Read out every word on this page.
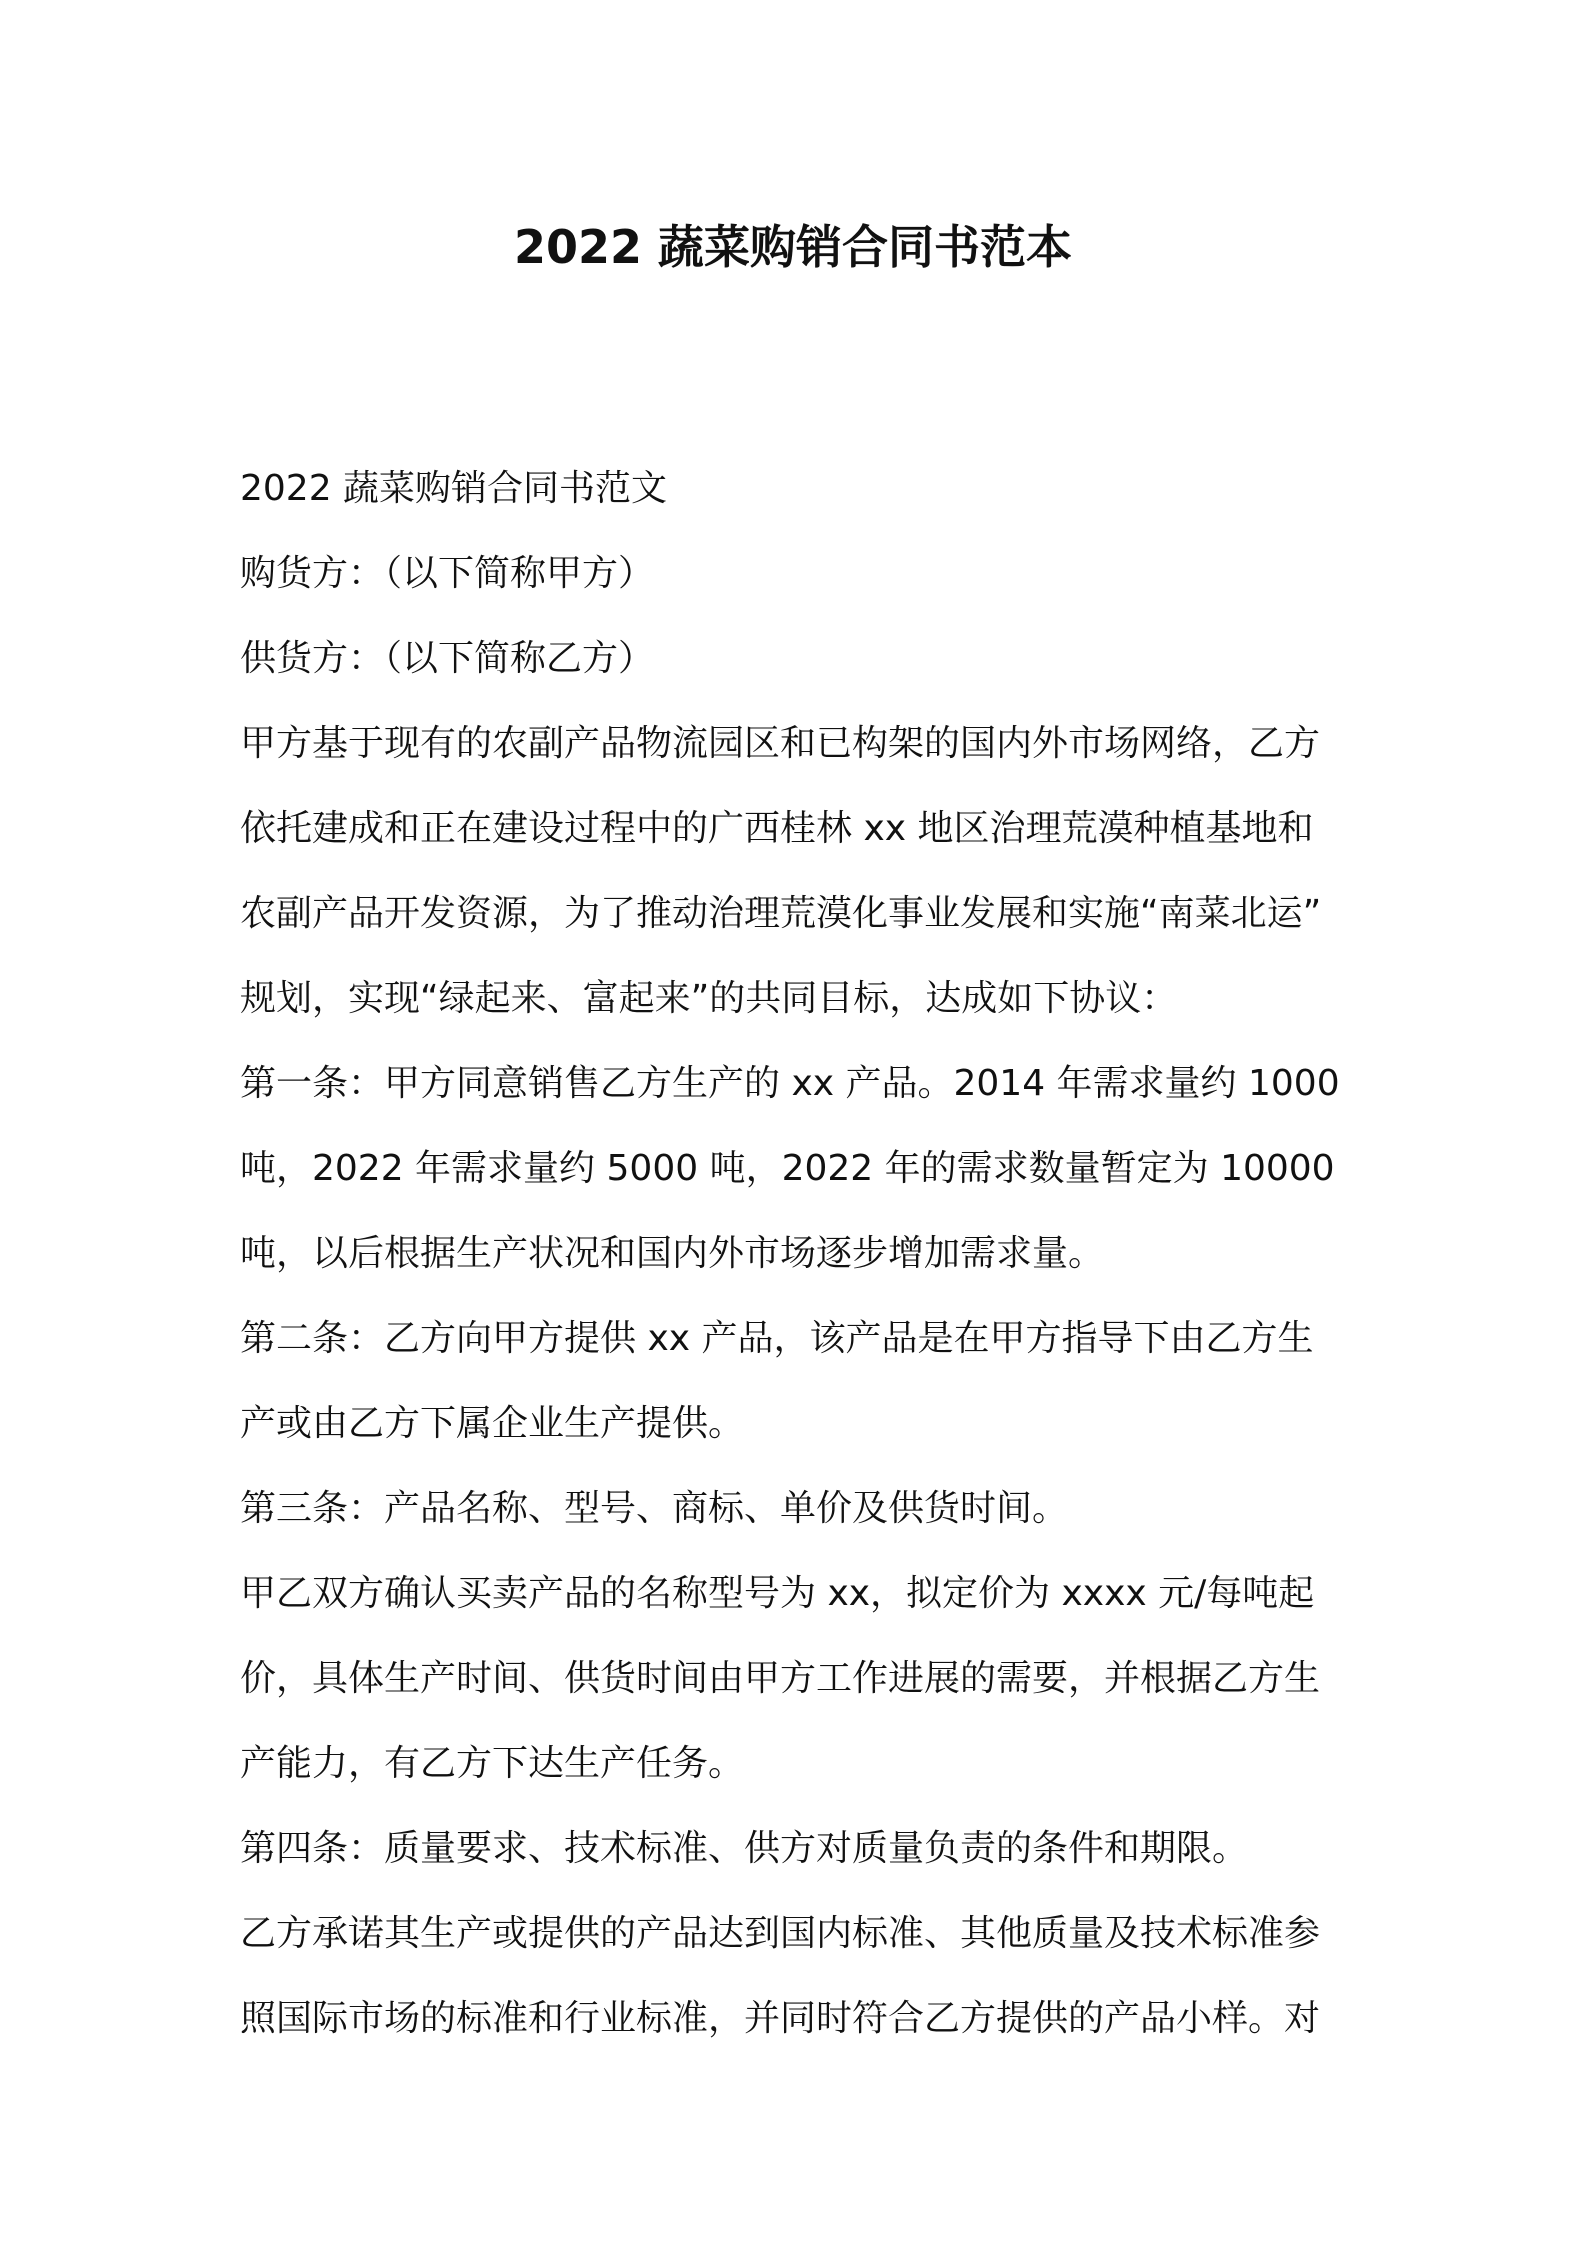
2022 蔬菜购销合同书范本

2022 蔬菜购销合同书范文

购货方：（以下简称甲方）

供货方：（以下简称乙方）

甲方基于现有的农副产品物流园区和已构架的国内外市场网络，乙方

依托建成和正在建设过程中的广西桂林 xx 地区治理荒漠种植基地和

农副产品开发资源，为了推动治理荒漠化事业发展和实施“南菜北运”

规划，实现“绿起来、富起来”的共同目标，达成如下协议：

第一条：甲方同意销售乙方生产的 xx 产品。2014 年需求量约 1000

吨，2022 年需求量约 5000 吨，2022 年的需求数量暂定为 10000

吨，以后根据生产状况和国内外市场逐步增加需求量。

第二条：乙方向甲方提供 xx 产品，该产品是在甲方指导下由乙方生

产或由乙方下属企业生产提供。

第三条：产品名称、型号、商标、单价及供货时间。

甲乙双方确认买卖产品的名称型号为 xx，拟定价为 xxxx 元/每吨起

价，具体生产时间、供货时间由甲方工作进展的需要，并根据乙方生

产能力，有乙方下达生产任务。

第四条：质量要求、技术标准、供方对质量负责的条件和期限。

乙方承诺其生产或提供的产品达到国内标准、其他质量及技术标准参

照国际市场的标准和行业标准，并同时符合乙方提供的产品小样。对
